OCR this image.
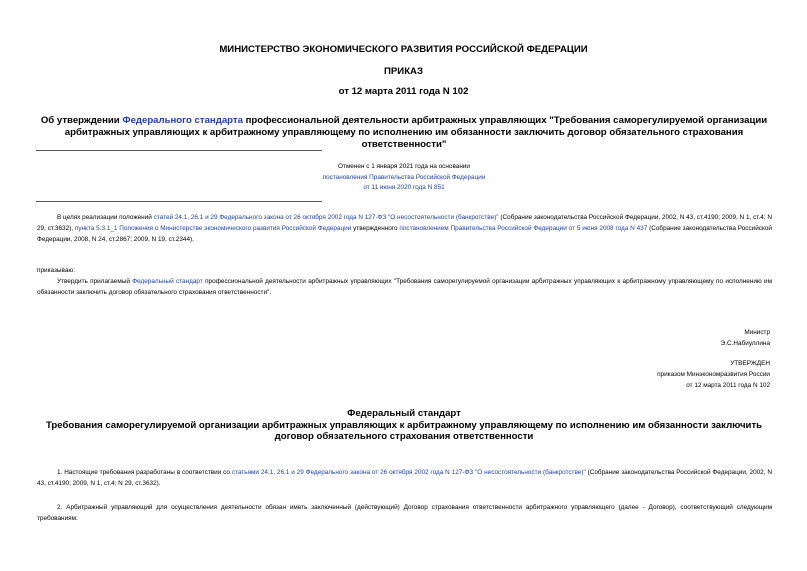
МИНИСТЕРСТВО ЭКОНОМИЧЕСКОГО РАЗВИТИЯ РОССИЙСКОЙ ФЕДЕРАЦИИ
ПРИКАЗ
от 12 марта 2011 года N 102
Об утверждении Федерального стандарта профессиональной деятельности арбитражных управляющих "Требования саморегулируемой организации арбитражных управляющих к арбитражному управляющему по исполнению им обязанности заключить договор обязательного страхования ответственности"
Отменен с 1 января 2021 года на основании
постановления Правительства Российской Федерации от 11 июня 2020 года N 851
В целях реализации положений статей 24.1, 26.1 и 29 Федерального закона от 26 октября 2002 года N 127-ФЗ "О несостоятельности (банкротстве)" (Собрание законодательства Российской Федерации, 2002, N 43, ст.4190; 2009, N 1, ст.4; N 29, ст.3632), пункта 5.3.1_1 Положения о Министерстве экономического развития Российской Федерации утвержденного постановлением Правительства Российской Федерации от 5 июня 2008 года N 437 (Собрание законодательства Российской Федерации, 2008, N 24, ст.2867; 2009, N 19, ст.2344),
приказываю:
Утвердить прилагаемый Федеральный стандарт профессиональной деятельности арбитражных управляющих "Требования саморегулируемой организации арбитражных управляющих к арбитражному управляющему по исполнению им обязанности заключить договор обязательного страхования ответственности".
Министр
Э.С.Набиуллина
УТВЕРЖДЕН
приказом Минэкономразвития России
от 12 марта 2011 года N 102
Федеральный стандарт
Требования саморегулируемой организации арбитражных управляющих к арбитражному управляющему по исполнению им обязанности заключить договор обязательного страхования ответственности
1. Настоящие требования разработаны в соответствии со статьями 24.1, 26.1 и 29 Федерального закона от 26 октября 2002 года N 127-ФЗ "О несостоятельности (банкротстве)" (Собрание законодательства Российской Федерации, 2002, N 43, ст.4190; 2009, N 1, ст.4; N 29, ст.3632).
2. Арбитражный управляющий для осуществления деятельности обязан иметь заключенный (действующий) Договор страхования ответственности арбитражного управляющего (далее - Договор), соответствующий следующим требованиям:
